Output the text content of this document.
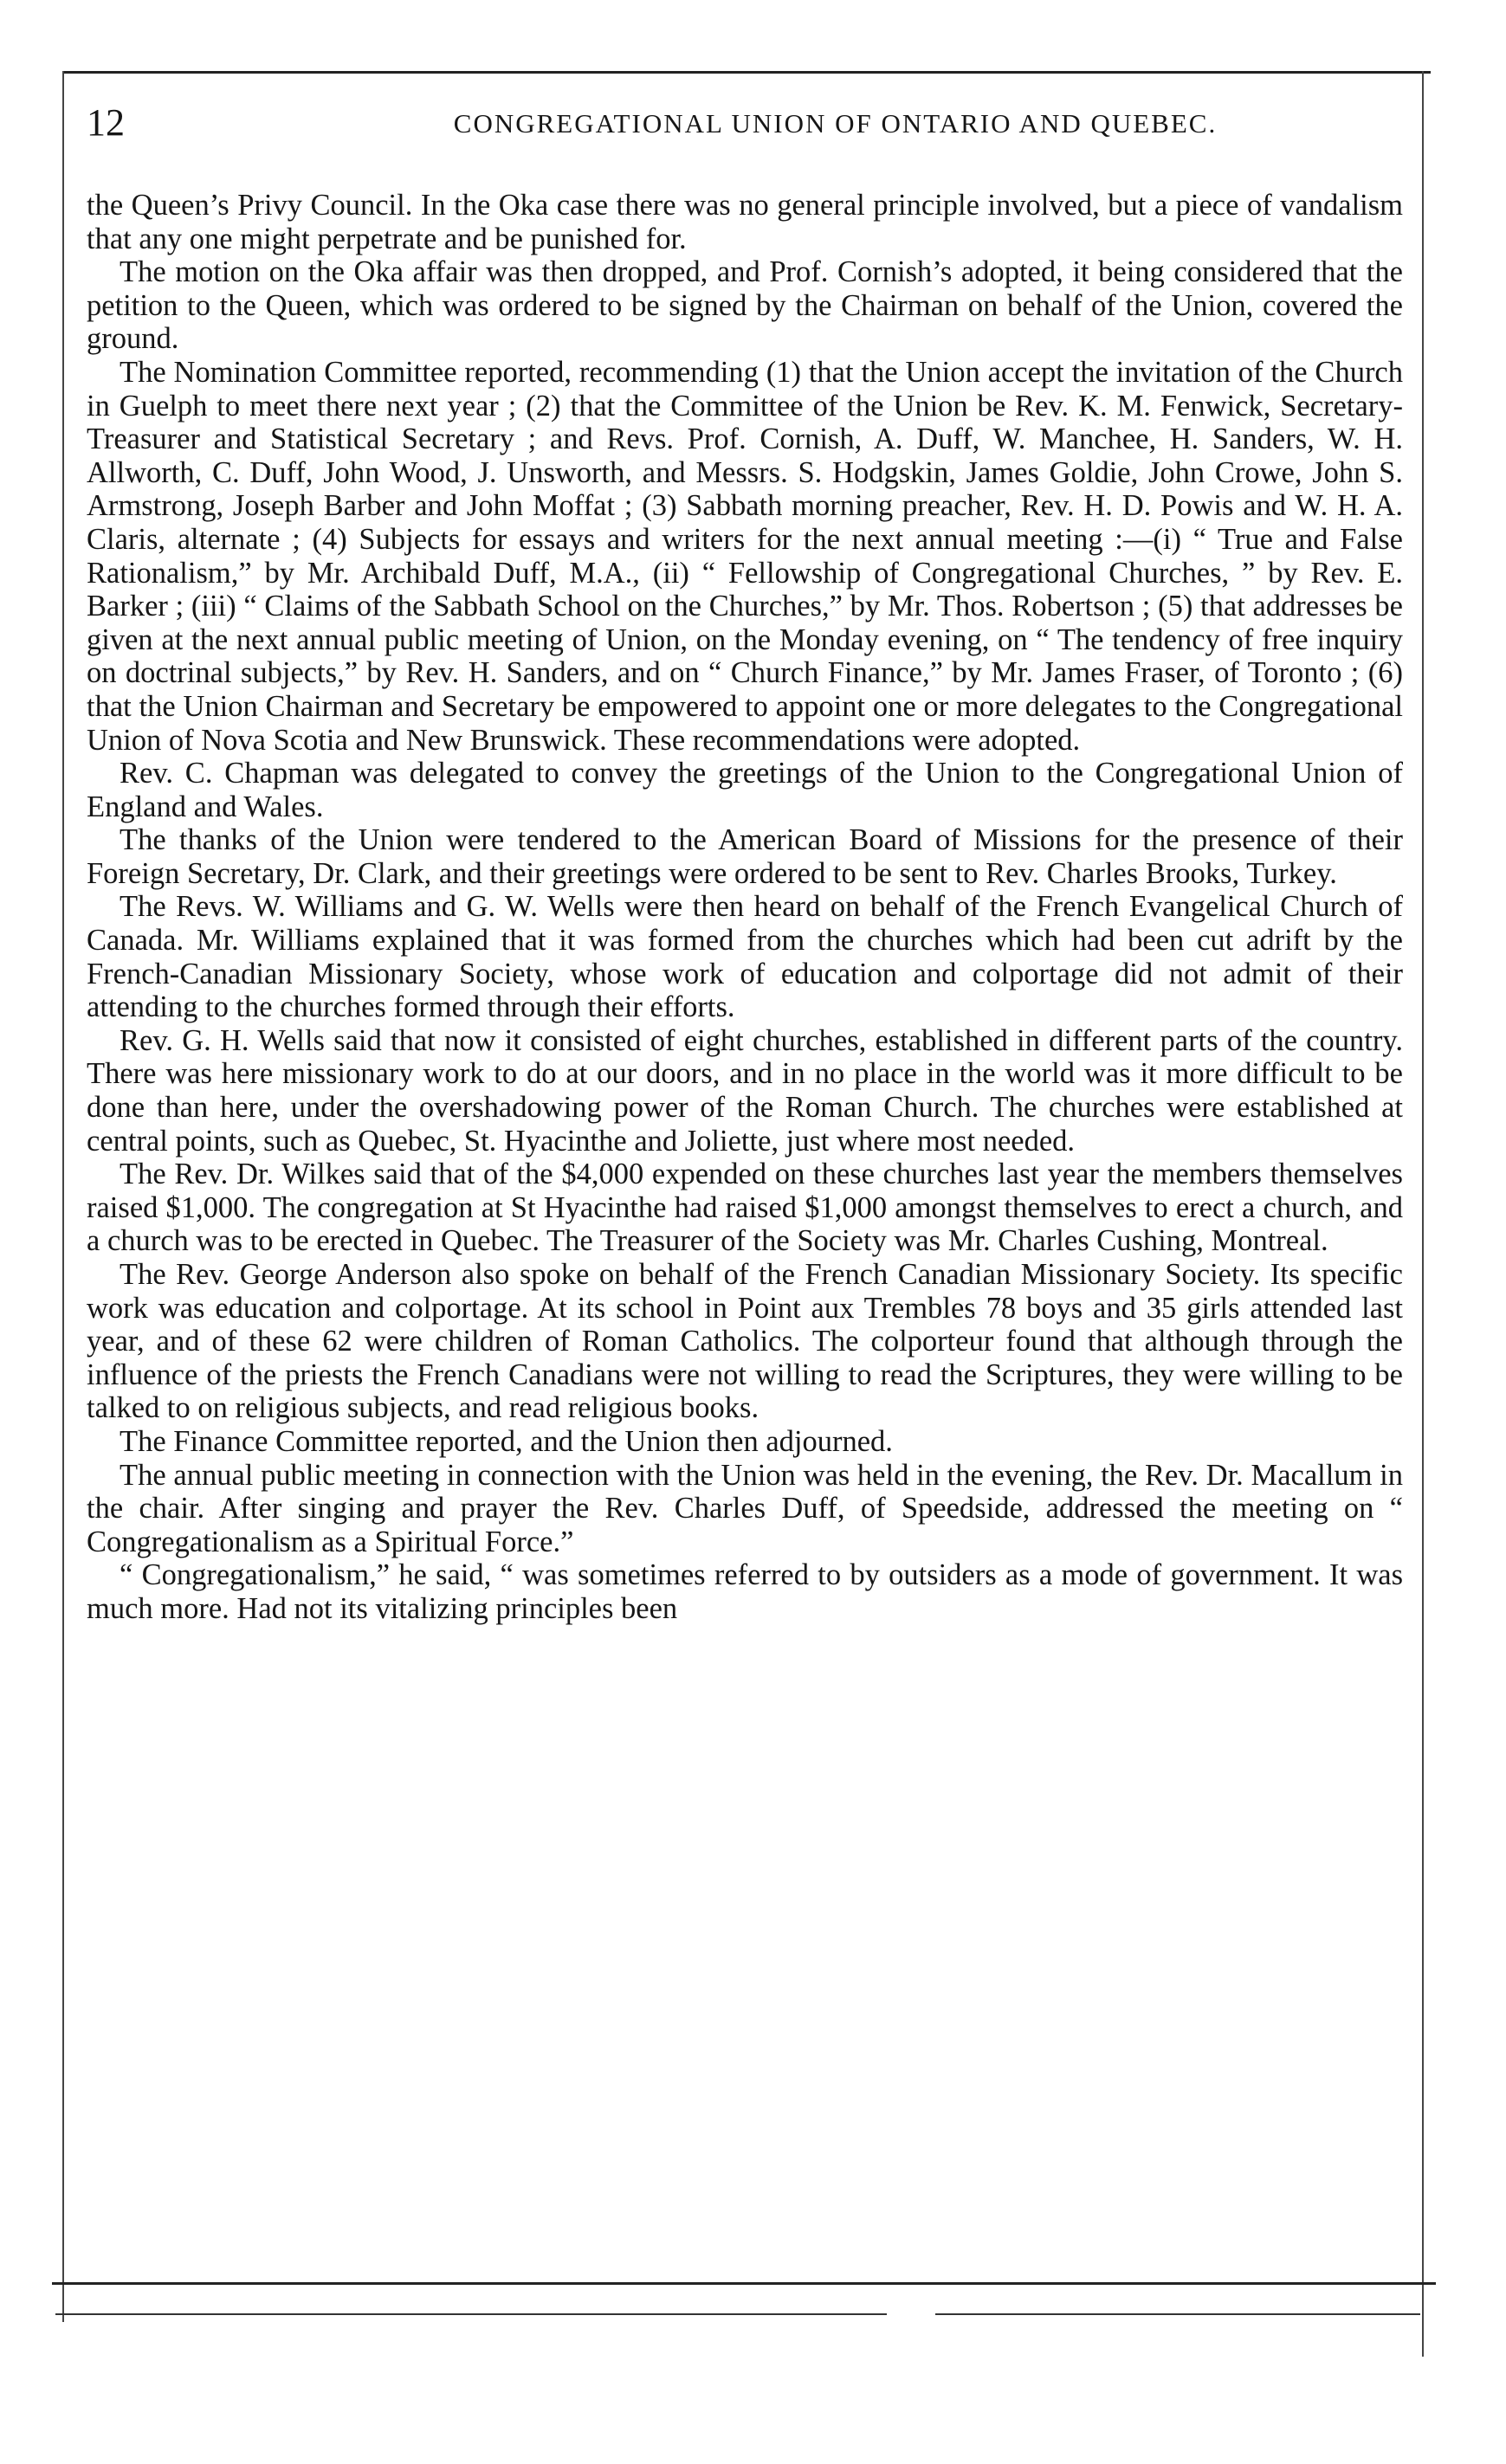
12	CONGREGATIONAL UNION OF ONTARIO AND QUEBEC.

the Queen’s Privy Council. In the Oka case there was no general principle involved, but a piece of vandalism that any one might perpetrate and be punished for.

The motion on the Oka affair was then dropped, and Prof. Cornish’s adopted, it being considered that the petition to the Queen, which was ordered to be signed by the Chairman on behalf of the Union, covered the ground.

The Nomination Committee reported, recommending (1) that the Union accept the invitation of the Church in Guelph to meet there next year ; (2) that the Committee of the Union be Rev. K. M. Fenwick, Secretary-Treasurer and Statistical Secretary ; and Revs. Prof. Cornish, A. Duff, W. Manchee, H. Sanders, W. H. Allworth, C. Duff, John Wood, J. Unsworth, and Messrs. S. Hodgskin, James Goldie, John Crowe, John S. Armstrong, Joseph Barber and John Moffat ; (3) Sabbath morning preacher, Rev. H. D. Powis and W. H. A. Claris, alternate ; (4) Subjects for essays and writers for the next annual meeting :—(i) “ True and False Rationalism,” by Mr. Archibald Duff, M.A., (ii) “ Fellowship of Congregational Churches, ” by Rev. E. Barker ; (iii) “ Claims of the Sabbath School on the Churches,” by Mr. Thos. Robertson ; (5) that addresses be given at the next annual public meeting of Union, on the Monday evening, on “ The tendency of free inquiry on doctrinal subjects,” by Rev. H. Sanders, and on “ Church Finance,” by Mr. James Fraser, of Toronto ; (6) that the Union Chairman and Secretary be empowered to appoint one or more delegates to the Congregational Union of Nova Scotia and New Brunswick. These recommendations were adopted.

Rev. C. Chapman was delegated to convey the greetings of the Union to the Congregational Union of England and Wales.

The thanks of the Union were tendered to the American Board of Missions for the presence of their Foreign Secretary, Dr. Clark, and their greetings were ordered to be sent to Rev. Charles Brooks, Turkey.

The Revs. W. Williams and G. W. Wells were then heard on behalf of the French Evangelical Church of Canada. Mr. Williams explained that it was formed from the churches which had been cut adrift by the French-Canadian Missionary Society, whose work of education and colportage did not admit of their attending to the churches formed through their efforts.

Rev. G. H. Wells said that now it consisted of eight churches, established in different parts of the country. There was here missionary work to do at our doors, and in no place in the world was it more difficult to be done than here, under the overshadowing power of the Roman Church. The churches were established at central points, such as Quebec, St. Hyacinthe and Joliette, just where most needed.

The Rev. Dr. Wilkes said that of the $4,000 expended on these churches last year the members themselves raised $1,000. The congregation at St Hyacinthe had raised $1,000 amongst themselves to erect a church, and a church was to be erected in Quebec. The Treasurer of the Society was Mr. Charles Cushing, Montreal.

The Rev. George Anderson also spoke on behalf of the French Canadian Missionary Society. Its specific work was education and colportage. At its school in Point aux Trembles 78 boys and 35 girls attended last year, and of these 62 were children of Roman Catholics. The colporteur found that although through the influence of the priests the French Canadians were not willing to read the Scriptures, they were willing to be talked to on religious subjects, and read religious books.

The Finance Committee reported, and the Union then adjourned.

The annual public meeting in connection with the Union was held in the evening, the Rev. Dr. Macallum in the chair. After singing and prayer the Rev. Charles Duff, of Speedside, addressed the meeting on “ Congregationalism as a Spiritual Force.”

“ Congregationalism,” he said, “ was sometimes referred to by outsiders as a mode of government. It was much more. Had not its vitalizing principles been
